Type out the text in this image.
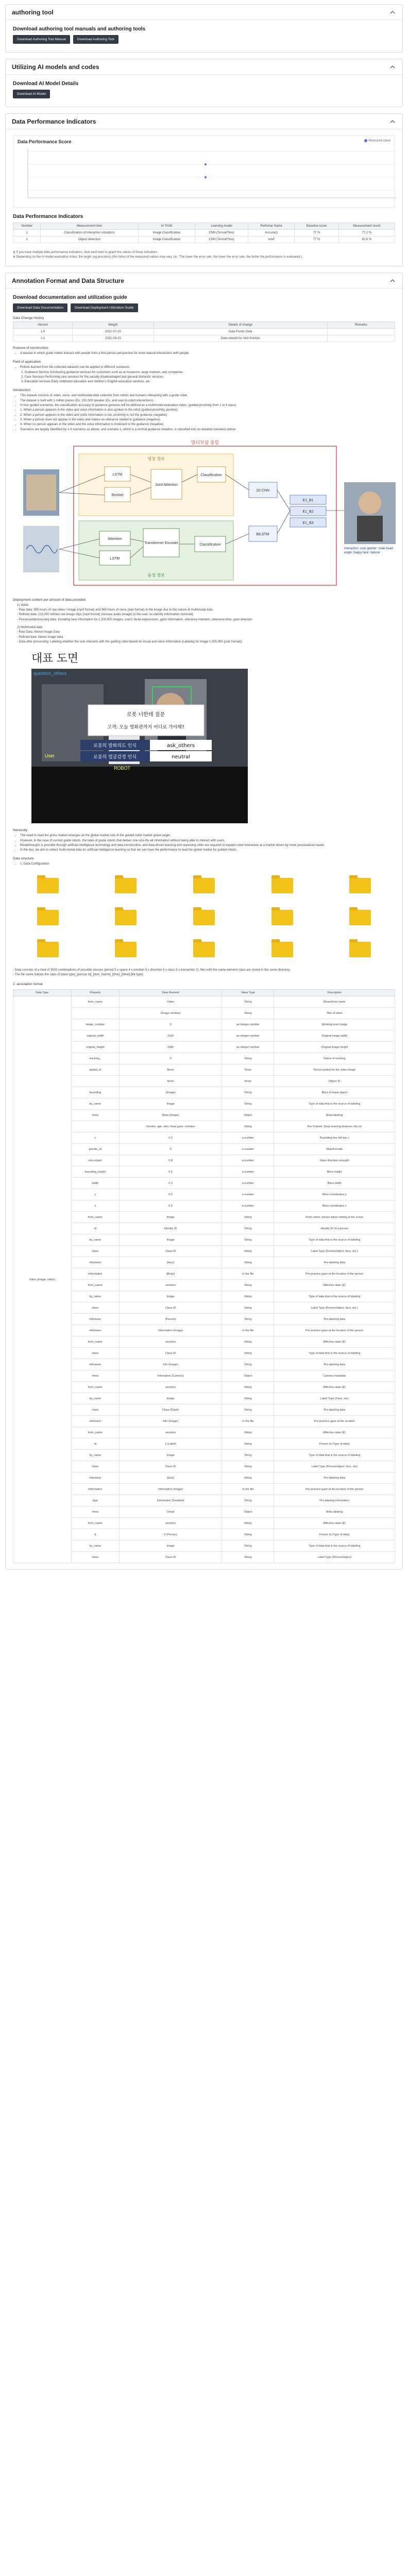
authoring tool
Download authoring tool manuals and authoring tools
Download Authoring Tool Manual	Download Authoring Tool
Utilizing AI models and codes
Download AI Model Details
Download AI Model
Data Performance Indicators
Data Performance Score	Measured value
Data Performance Indicators
Number	Measurement item	AI TASK	Learning model	Perfomar Name	Baseline score	Measurement result
1	Classification of interaction situations	Image Classification	CNN (TensorFlow)	Accuracy	77 %	77.2 %
2	Object detection	Image Classification	CNN (TensorFlow)	mAP	77 %	82.6 %

※ If you have multiple data performance indicators, click each item to graph the values of those indicators.

※ Depending on the AI model evaluation index, the larger (eg precision) (the index of the measured values may vary. (ie, 'The lower the error rate, the lower the error rate, the better the performance is evaluated.)

Annotation Format and Data Structure
Download documentation and utilization guide
Download Data Documentation	Download Deployment Utilization Guide
Data Change History
Version	Weight	Details of change	Remarks
1.0	2021-07-15	Data Funds Data	
1.1	2021-09-15	Data rebuild for next finishes	
Purpose of construction
• A dataset in which guide robots interact with people from a first-person perspective for more natural interactions with people
Field of application
• Robots learned from the collected datasets can be applied to different scenarios:
1. Guidance Service Conducting guidance services for customers such as at museums, large markets, and companies
2. Care Services Performing care services for the socially disadvantaged and general domestic services
3. Education services Early childhood education and children's English education services, etc.
Introduction
• This dataset consists of video, voice, and multimodal data collected from robots and humans interacting with a guide robot.
• The dataset is built with 1 million pieces (Ex: 210,000 speaker IDs, and user-to-robot interactions).
• In four guided scenarios, the classification accuracy of guidance gestures will be defined as a multimodal evaluation index. (guided proximity from 1 to 4 class)
• 1. When a person appears in the video and voice information is also spoken to the robot (guided proximity, positive)
• 2. When a person appears in the video and voice information is not, proximity is not the guidance (negative)
• 3. When a person does not appear in the video and makes an utterance related to guidance (negative)
• 4. When no person appears in the video and the voice information is irrelevant to the guidance (negative)
• Scenarios are largely identified by 1-4 scenarios as above, and scenario 1, which is a normal guidance situation, is classified into six detailed scenarios below.
멀티모달 융합
영상 정보
음성 정보
LSTM
ResNet
Joint Attention
Classification
Attention
Transformer Encoder
LSTM
Classification
1D CNN
BiLSTM
E1_B1
E1_B2
E1_B3
interaction: user gender: male head: angle: happy face: natural
Deployment content per amount of data provided

1) Video

- Raw data: 365 hours of raw video / image (mp4 format) and 365 hours of voice (wav format) in the image due to the nature of multimodal data

- Refined data: 210,000 refined raw image clips (mp4 format) (remove audio (image) to the user, no identity information removed)

- Processed/processing data: Including face information for 1,200,000 images, user's facial expressions, gaze information, utterance intention, utterance time, gaze direction

2) Multimodal data

- Raw Data: Above Image Data

- Refined data: Above image data

- Data after processing: Labeling whether the user interacts with the guiding robot based on visual and voice information (Labeling for image 1,000,000 (json format))

대표 도면
question_others
User
ROBOT
로봇 너한테 질문
고객: 오늘 영화관까지 어디로 가야해?
로봇의 발화의도 인식	ask_others
로봇의 얼굴감정 인식	neutral
Necessity
• The need to read the gross market emerges as the global market size of the guided robot market grows larger.
• However, in the case of current guide robots, the rates of guide robots that deliver one-size-fits-all information without being able to interact with users.
• Breakthroughs is possible through artificial intelligence technology and data construction, and data-driven learning and reasoning skills are required to expand robot interaction at a market driven by more personalized needs.
• In the last, we aim to collect multi-modal data for artificial intelligence learning so that we can have the performance to lead the global market for guided robots.
Data structure
• 1. Data Configuration

- Data consists of a total of 3000 combinations of possible classes (period 5 x space 4 x emotion 5 x direction 6 x class 3 x interaction 2), files with the same element class are stored in the same directory.

- The file name follows the rules of [data type]_[person id]_[item_Name]_[time]_[Nme].[file type]

2. annotation format
Data Type	Property	Data Element	Value Type	Description
Video (image, video)	form_name	Video	String	Movie/form name
		(Image number)	String	Title of video
	image_number	0	an integer number	Working level image
	original_width	1920	an integer number	Original image width
	original_height	1080	an integer number	Original image height
	tracking_	0	String	Status of tracking
	spatial_id	None	None	Person pulled for the video image
		None	None	Object ID
	bounding	(Image)	String	Bbox of mask object
	by_name	Image	String	Type of data that is the source of labeling
	meta	Meta (Image)	Object	Meta labeling
		Gender, age, skin, head gaze: emotion	String	Pre-Trained: Deep learning features info on
	x	0.2	a number	Bounding box left-top x
	gender_id	0	a number	Male/Female
	non-expert	0.8	a number	Gaze direction strength
	bounding_height	0.5	a number	Bbox height
	width	0.3	a number	Bbox width
	y	0.5	a number	Bbox coordinates y
	x	0.5	a number	Bbox coordinates x
	form_name	Image	String	Form name: picture taken setting at the scene
	id	Identity ID	String	Identity ID of a person
	by_name	Image	String	Type of data that is the source of labeling
	class	Class ID	String	Label Type (Person/object, face, etc.)
	infovision	[face]	String	Pre-labeling data
	information	[Body]	In the file	Pre-practice gaze at the location of the person
	form_name	emotion	String	Affective state (E)
	by_name	Image	String	Type of data that is the source of labeling
	class	Class ID	String	Label Type (Person/object, face, etc.)
	infovision	(Person)	String	Pre-labeling data
	infovision	Information (Image)	In the file	Pre-practice gaze at the location of the person
	form_name	emotion	String	Affective state (E)
	class	Class ID	String	Type of data that is the source of labeling
	infovision	Info (Image)	String	Pre-labeling data
	meta	Infomation (Camera)	Object	Camera metadata
	form_name	emotion	String	Affective state (E)
	by_name	Image	String	Label Type (Face, etc)
	class	Class ID(attr)	String	Pre-labeling data
	infovision	Info (Image)	In the file	Pre-practice gaze at the location
	form_name	emotion	String	Affective state (E)
	id	2 (Label)	String	Person id (Type of data)
	by_name	Image	String	Type of data that is the source of labeling
	class	Class ID	String	Label Type (Person/object, face, etc)
	infovision	[face]	String	Pre-labeling data
	information	Information (Image)	In the file	Pre-practice gaze at the location of the person
	type	Information (Detailed)	String	Pre-labeling information
	meta	Detail	Object	Meta labeling
	form_name	emotion	String	Affective state (E)
	d	0 (Person)	String	Person id (Type of data)
	by_name	Image	String	Type of data that is the source of labeling
	class	Class ID	String	Label Type (Person/object)
